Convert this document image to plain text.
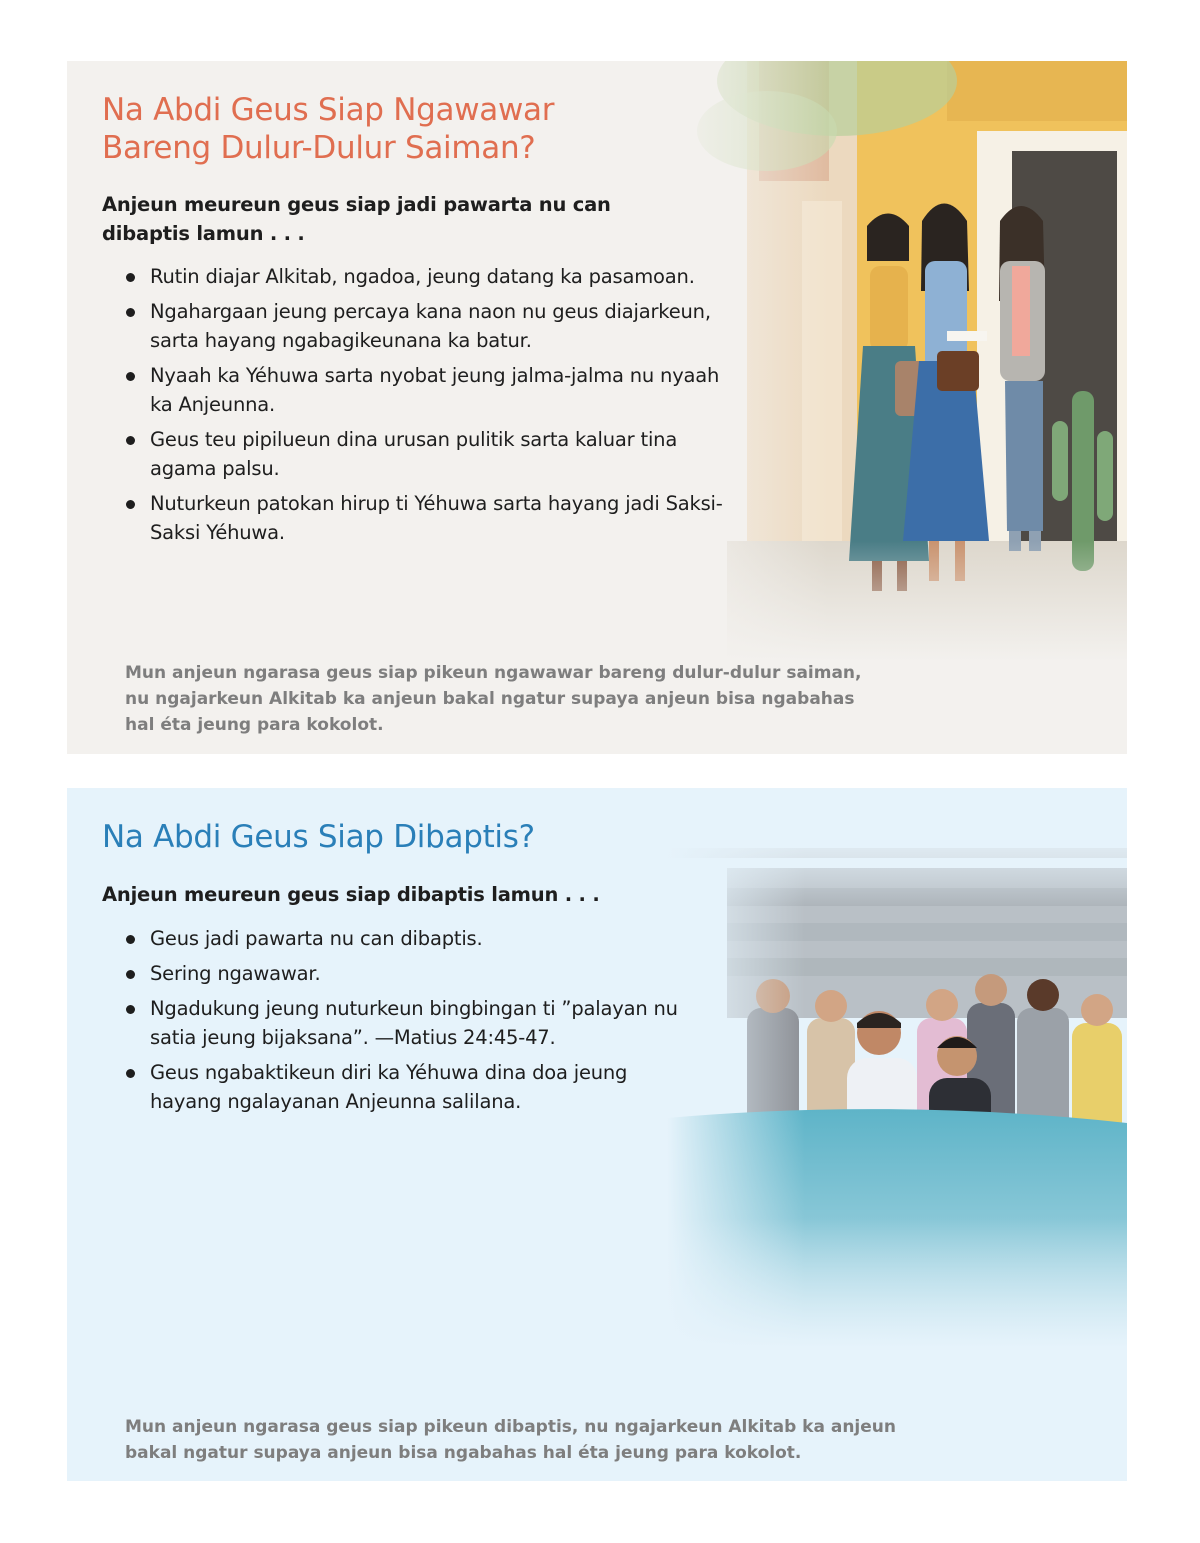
Na Abdi Geus Siap Ngawawar Bareng Dulur-Dulur Saiman?

Anjeun meureun geus siap jadi pawarta nu can dibaptis lamun . . .

Rutin diajar Alkitab, ngadoa, jeung datang ka pasamoan.
Ngahargaan jeung percaya kana naon nu geus diajarkeun, sarta hayang ngabagikeunana ka batur.
Nyaah ka Yéhuwa sarta nyobat jeung jalma-jalma nu nyaah ka Anjeunna.
Geus teu pipilueun dina urusan pulitik sarta kaluar tina agama palsu.
Nuturkeun patokan hirup ti Yéhuwa sarta hayang jadi Saksi-Saksi Yéhuwa.

Mun anjeun ngarasa geus siap pikeun ngawawar bareng dulur-dulur saiman, nu ngajarkeun Alkitab ka anjeun bakal ngatur supaya anjeun bisa ngabahas hal éta jeung para kokolot.

Na Abdi Geus Siap Dibaptis?

Anjeun meureun geus siap dibaptis lamun . . .

Geus jadi pawarta nu can dibaptis.
Sering ngawawar.
Ngadukung jeung nuturkeun bingbingan ti ”palayan nu satia jeung bijaksana”. —Matius 24:45-47.
Geus ngabaktikeun diri ka Yéhuwa dina doa jeung hayang ngalayanan Anjeunna salilana.

Mun anjeun ngarasa geus siap pikeun dibaptis, nu ngajarkeun Alkitab ka anjeun bakal ngatur supaya anjeun bisa ngabahas hal éta jeung para kokolot.
